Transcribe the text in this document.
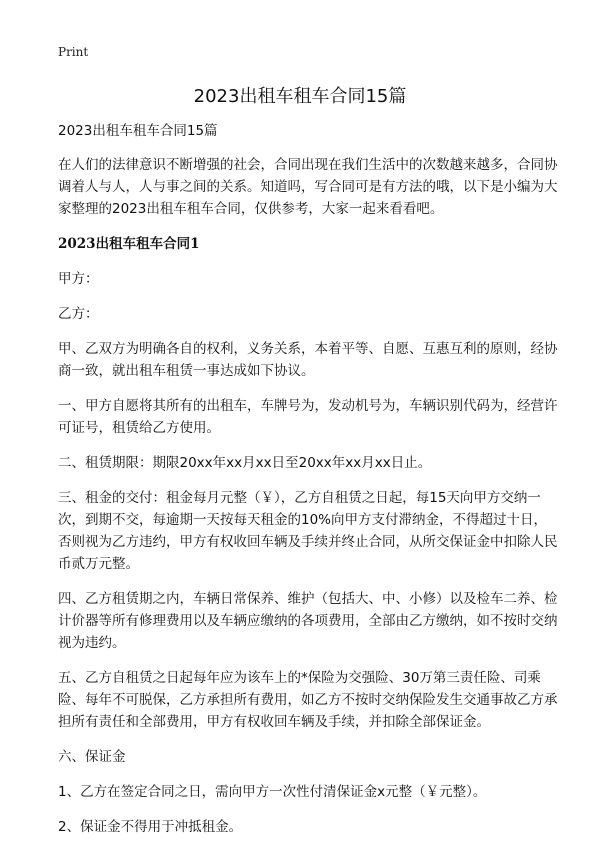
Print
2023出租车租车合同15篇

2023出租车租车合同15篇

在人们的法律意识不断增强的社会，合同出现在我们生活中的次数越来越多，合同协调着人与人，人与事之间的关系。知道吗，写合同可是有方法的哦，以下是小编为大家整理的2023出租车租车合同，仅供参考，大家一起来看看吧。

2023出租车租车合同1

甲方：

乙方：

甲、乙双方为明确各自的权利，义务关系，本着平等、自愿、互惠互利的原则，经协商一致，就出租车租赁一事达成如下协议。

一、甲方自愿将其所有的出租车，车牌号为，发动机号为，车辆识别代码为，经营许可证号，租赁给乙方使用。

二、租赁期限：期限20xx年xx月xx日至20xx年xx月xx日止。

三、租金的交付：租金每月元整（￥），乙方自租赁之日起，每15天向甲方交纳一次，到期不交，每逾期一天按每天租金的10%向甲方支付滞纳金，不得超过十日，否则视为乙方违约，甲方有权收回车辆及手续并终止合同，从所交保证金中扣除人民币贰万元整。

四、乙方租赁期之内，车辆日常保养、维护（包括大、中、小修）以及检车二养、检计价器等所有修理费用以及车辆应缴纳的各项费用，全部由乙方缴纳，如不按时交纳视为违约。

五、乙方自租赁之日起每年应为该车上的*保险为交强险、30万第三责任险、司乘险、每年不可脱保，乙方承担所有费用，如乙方不按时交纳保险发生交通事故乙方承担所有责任和全部费用，甲方有权收回车辆及手续，并扣除全部保证金。

六、保证金

1、乙方在签定合同之日，需向甲方一次性付清保证金x元整（￥元整）。

2、保证金不得用于冲抵租金。
